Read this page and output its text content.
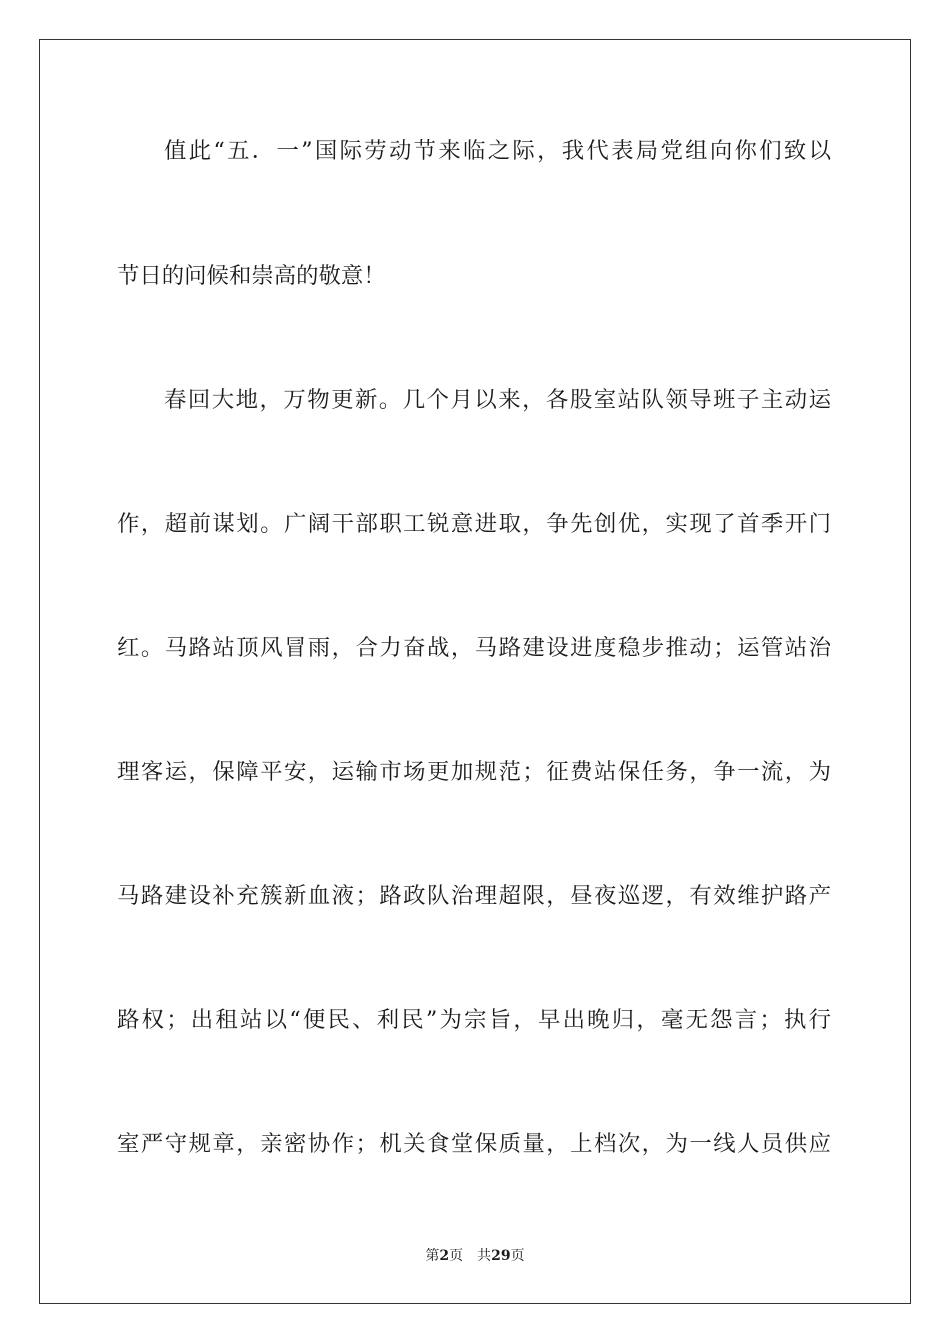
值此“五．一”国际劳动节来临之际，我代表局党组向你们致以
节日的问候和崇高的敬意！
春回大地，万物更新。几个月以来，各股室站队领导班子主动运
作，超前谋划。广阔干部职工锐意进取，争先创优，实现了首季开门
红。马路站顶风冒雨，合力奋战，马路建设进度稳步推动；运管站治
理客运，保障平安，运输市场更加规范；征费站保任务，争一流，为
马路建设补充簇新血液；路政队治理超限，昼夜巡逻，有效维护路产
路权；出租站以“便民、利民”为宗旨，早出晚归，毫无怨言；执行
室严守规章，亲密协作；机关食堂保质量，上档次，为一线人员供应
第2页 共29页
